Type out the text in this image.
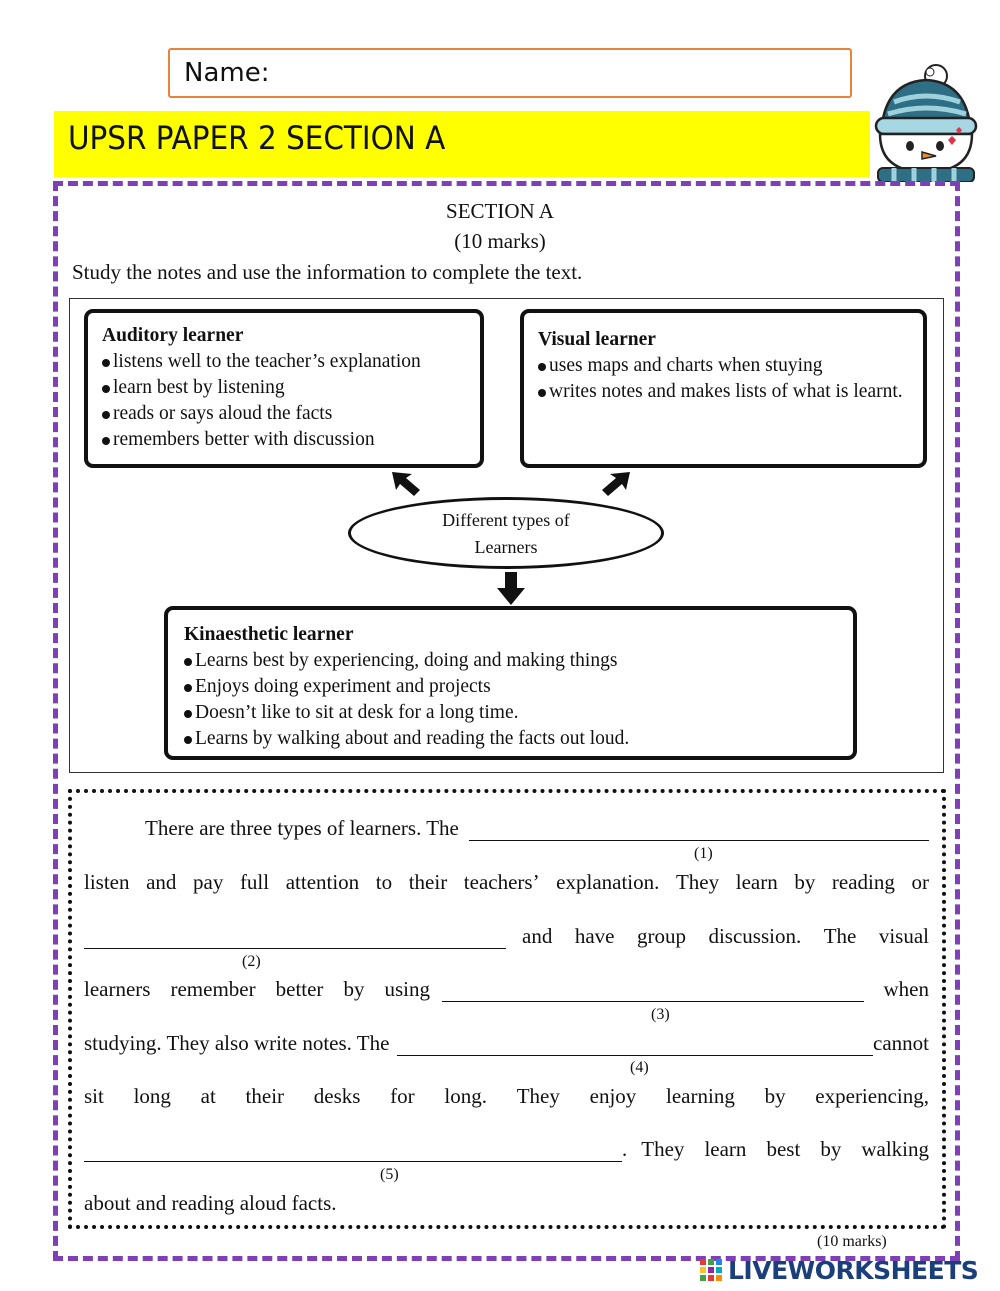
Name:
UPSR PAPER 2 SECTION A
SECTION A
(10 marks)
Study the notes and use the information to complete the text.
Auditory learner
listens well to the teacher’s explanation
learn best by listening
reads or says aloud the facts
remembers better with discussion
Visual learner
uses maps and charts when stuying
writes notes and makes lists of what is learnt.
Different types of
Learners
Kinaesthetic learner
Learns best by experiencing, doing and making things
Enjoys doing experiment and projects
Doesn’t like to sit at desk for a long time.
Learns by walking about and reading the facts out loud.
There are three types of learners. The
(1)
listen and pay full attention to their teachers’ explanation. They learn by reading or
and have group discussion. The visual
(2)
learners remember better by using	when
(3)
studying. They also write notes. The	cannot
(4)
sit long at their desks for long. They enjoy learning by experiencing,
. They learn best by walking
(5)
about and reading aloud facts.
(10 marks)
LIVEWORKSHEETS
